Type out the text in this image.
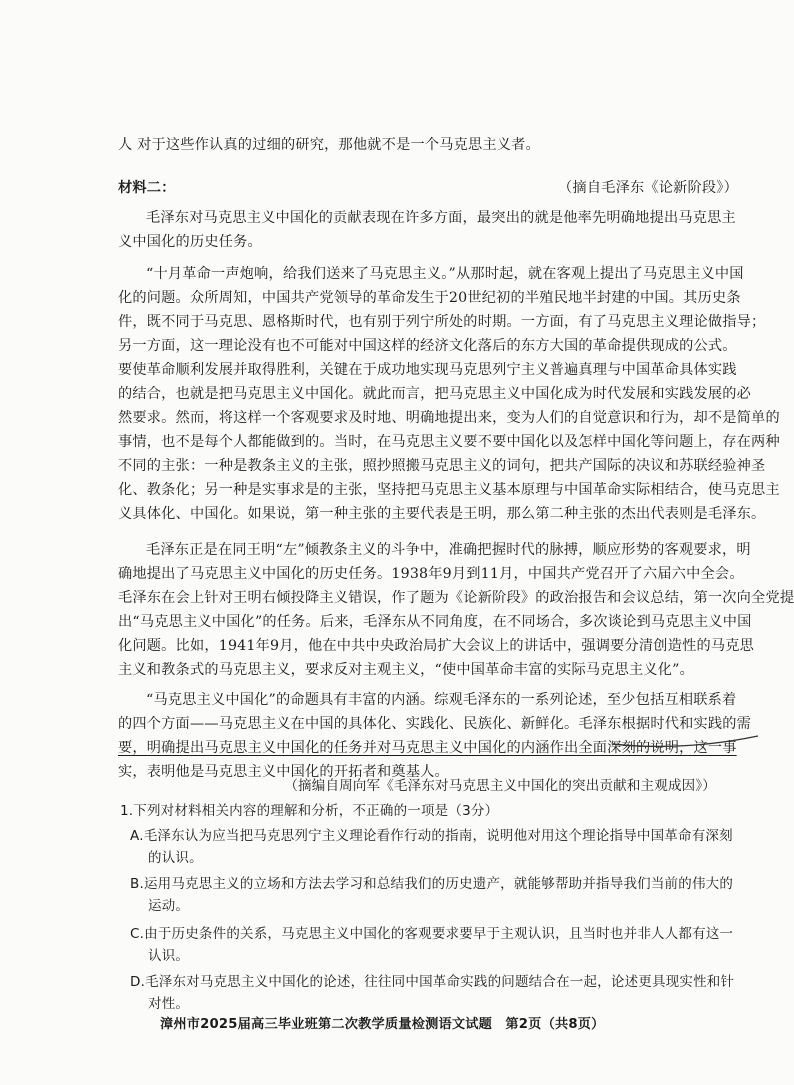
人 对于这些作认真的过细的研究，那他就不是一个马克思主义者。
材料二：	（摘自毛泽东《论新阶段》）
毛泽东对马克思主义中国化的贡献表现在许多方面，最突出的就是他率先明确地提出马克思主
义中国化的历史任务。
“十月革命一声炮响，给我们送来了马克思主义。”从那时起，就在客观上提出了马克思主义中国
化的问题。众所周知，中国共产党领导的革命发生于20世纪初的半殖民地半封建的中国。其历史条
件，既不同于马克思、恩格斯时代，也有别于列宁所处的时期。一方面，有了马克思主义理论做指导；
另一方面，这一理论没有也不可能对中国这样的经济文化落后的东方大国的革命提供现成的公式。
要使革命顺利发展并取得胜利，关键在于成功地实现马克思列宁主义普遍真理与中国革命具体实践
的结合，也就是把马克思主义中国化。就此而言，把马克思主义中国化成为时代发展和实践发展的必
然要求。然而，将这样一个客观要求及时地、明确地提出来，变为人们的自觉意识和行为，却不是简单的
事情，也不是每个人都能做到的。当时，在马克思主义要不要中国化以及怎样中国化等问题上，存在两种
不同的主张：一种是教条主义的主张，照抄照搬马克思主义的词句，把共产国际的决议和苏联经验神圣
化、教条化；另一种是实事求是的主张，坚持把马克思主义基本原理与中国革命实际相结合，使马克思主
义具体化、中国化。如果说，第一种主张的主要代表是王明，那么第二种主张的杰出代表则是毛泽东。
毛泽东正是在同王明“左”倾教条主义的斗争中，准确把握时代的脉搏，顺应形势的客观要求，明
确地提出了马克思主义中国化的历史任务。1938年9月到11月，中国共产党召开了六届六中全会。
毛泽东在会上针对王明右倾投降主义错误，作了题为《论新阶段》的政治报告和会议总结，第一次向全党提
出“马克思主义中国化”的任务。后来，毛泽东从不同角度，在不同场合，多次谈论到马克思主义中国
化问题。比如，1941年9月，他在中共中央政治局扩大会议上的讲话中，强调要分清创造性的马克思
主义和教条式的马克思主义，要求反对主观主义，“使中国革命丰富的实际马克思主义化”。
“马克思主义中国化”的命题具有丰富的内涵。综观毛泽东的一系列论述，至少包括互相联系着
的四个方面——马克思主义在中国的具体化、实践化、民族化、新鲜化。毛泽东根据时代和实践的需
要，明确提出马克思主义中国化的任务并对马克思主义中国化的内涵作出全面深刻的说明，这一事
实，表明他是马克思主义中国化的开拓者和奠基人。
（摘编自周向军《毛泽东对马克思主义中国化的突出贡献和主观成因》）
1.下列对材料相关内容的理解和分析，不正确的一项是（3分）
A.毛泽东认为应当把马克思列宁主义理论看作行动的指南，说明他对用这个理论指导中国革命有深刻
的认识。
B.运用马克思主义的立场和方法去学习和总结我们的历史遗产，就能够帮助并指导我们当前的伟大的
运动。
C.由于历史条件的关系，马克思主义中国化的客观要求要早于主观认识，且当时也并非人人都有这一
认识。
D.毛泽东对马克思主义中国化的论述，往往同中国革命实践的问题结合在一起，论述更具现实性和针
对性。
漳州市2025届高三毕业班第二次教学质量检测语文试题　第2页（共8页）
